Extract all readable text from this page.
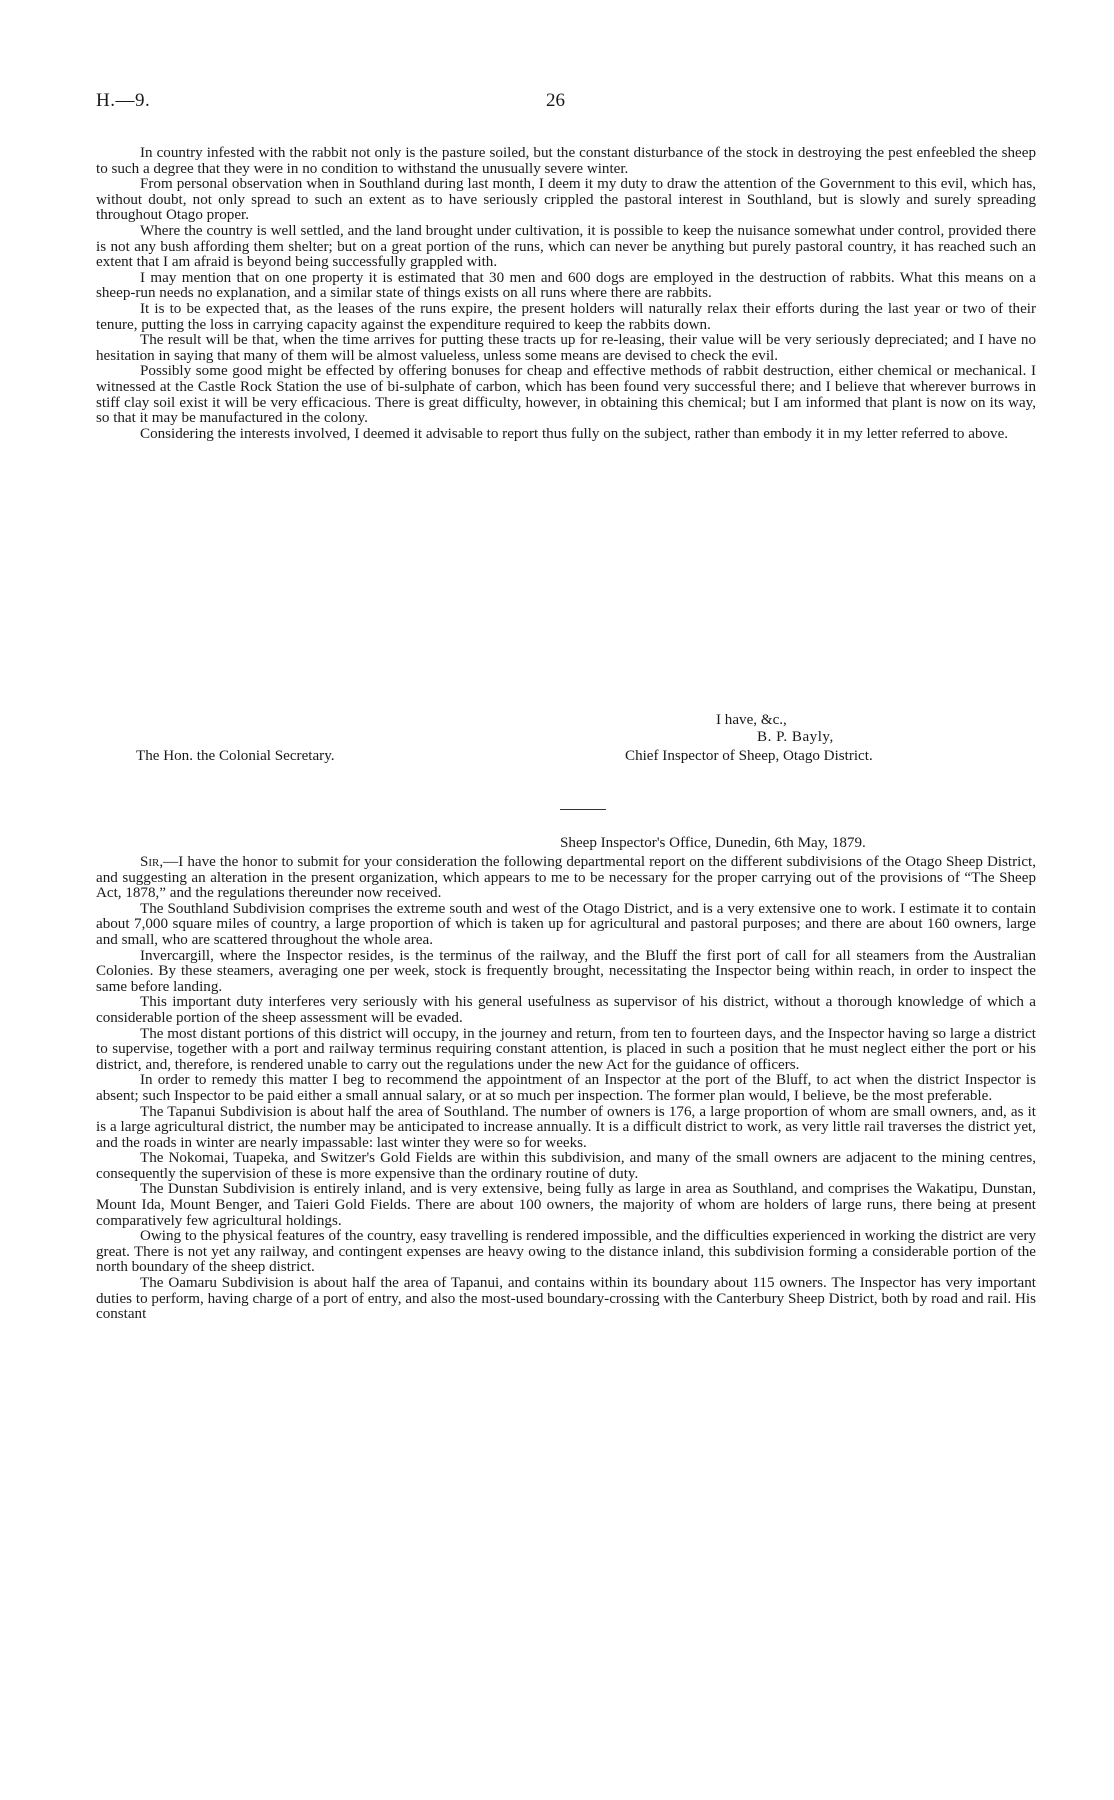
H.—9.	26

In country infested with the rabbit not only is the pasture soiled, but the constant disturbance of the stock in destroying the pest enfeebled the sheep to such a degree that they were in no condition to withstand the unusually severe winter.

From personal observation when in Southland during last month, I deem it my duty to draw the attention of the Government to this evil, which has, without doubt, not only spread to such an extent as to have seriously crippled the pastoral interest in Southland, but is slowly and surely spreading throughout Otago proper.

Where the country is well settled, and the land brought under cultivation, it is possible to keep the nuisance somewhat under control, provided there is not any bush affording them shelter; but on a great portion of the runs, which can never be anything but purely pastoral country, it has reached such an extent that I am afraid is beyond being successfully grappled with.

I may mention that on one property it is estimated that 30 men and 600 dogs are employed in the destruction of rabbits. What this means on a sheep-run needs no explanation, and a similar state of things exists on all runs where there are rabbits.

It is to be expected that, as the leases of the runs expire, the present holders will naturally relax their efforts during the last year or two of their tenure, putting the loss in carrying capacity against the expenditure required to keep the rabbits down.

The result will be that, when the time arrives for putting these tracts up for re-leasing, their value will be very seriously depreciated; and I have no hesitation in saying that many of them will be almost valueless, unless some means are devised to check the evil.

Possibly some good might be effected by offering bonuses for cheap and effective methods of rabbit destruction, either chemical or mechanical. I witnessed at the Castle Rock Station the use of bi-sulphate of carbon, which has been found very successful there; and I believe that wherever burrows in stiff clay soil exist it will be very efficacious. There is great difficulty, however, in obtaining this chemical; but I am informed that plant is now on its way, so that it may be manufactured in the colony.

Considering the interests involved, I deemed it advisable to report thus fully on the subject, rather than embody it in my letter referred to above.

I have, &c.,
B. P. Bayly,
The Hon. the Colonial Secretary.	Chief Inspector of Sheep, Otago District.
Sheep Inspector's Office, Dunedin, 6th May, 1879.

Sir,—I have the honor to submit for your consideration the following departmental report on the different subdivisions of the Otago Sheep District, and suggesting an alteration in the present organization, which appears to me to be necessary for the proper carrying out of the provisions of “The Sheep Act, 1878,” and the regulations thereunder now received.

The Southland Subdivision comprises the extreme south and west of the Otago District, and is a very extensive one to work. I estimate it to contain about 7,000 square miles of country, a large proportion of which is taken up for agricultural and pastoral purposes; and there are about 160 owners, large and small, who are scattered throughout the whole area.

Invercargill, where the Inspector resides, is the terminus of the railway, and the Bluff the first port of call for all steamers from the Australian Colonies. By these steamers, averaging one per week, stock is frequently brought, necessitating the Inspector being within reach, in order to inspect the same before landing.

This important duty interferes very seriously with his general usefulness as supervisor of his district, without a thorough knowledge of which a considerable portion of the sheep assessment will be evaded.

The most distant portions of this district will occupy, in the journey and return, from ten to fourteen days, and the Inspector having so large a district to supervise, together with a port and railway terminus requiring constant attention, is placed in such a position that he must neglect either the port or his district, and, therefore, is rendered unable to carry out the regulations under the new Act for the guidance of officers.

In order to remedy this matter I beg to recommend the appointment of an Inspector at the port of the Bluff, to act when the district Inspector is absent; such Inspector to be paid either a small annual salary, or at so much per inspection. The former plan would, I believe, be the most preferable.

The Tapanui Subdivision is about half the area of Southland. The number of owners is 176, a large proportion of whom are small owners, and, as it is a large agricultural district, the number may be anticipated to increase annually. It is a difficult district to work, as very little rail traverses the district yet, and the roads in winter are nearly impassable: last winter they were so for weeks.

The Nokomai, Tuapeka, and Switzer's Gold Fields are within this subdivision, and many of the small owners are adjacent to the mining centres, consequently the supervision of these is more expensive than the ordinary routine of duty.

The Dunstan Subdivision is entirely inland, and is very extensive, being fully as large in area as Southland, and comprises the Wakatipu, Dunstan, Mount Ida, Mount Benger, and Taieri Gold Fields. There are about 100 owners, the majority of whom are holders of large runs, there being at present comparatively few agricultural holdings.

Owing to the physical features of the country, easy travelling is rendered impossible, and the difficulties experienced in working the district are very great. There is not yet any railway, and contingent expenses are heavy owing to the distance inland, this subdivision forming a considerable portion of the north boundary of the sheep district.

The Oamaru Subdivision is about half the area of Tapanui, and contains within its boundary about 115 owners. The Inspector has very important duties to perform, having charge of a port of entry, and also the most-used boundary-crossing with the Canterbury Sheep District, both by road and rail. His constant
